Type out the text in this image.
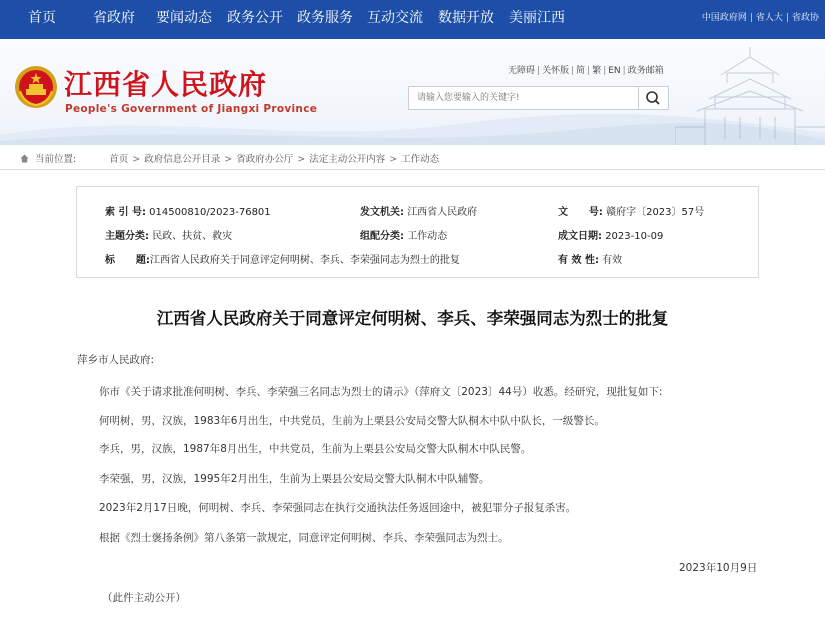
首页	省政府 要闻动态 政务公开 政务服务 互动交流 数据开放 美丽江西	中国政府网 | 省人大 | 省政协
江西省人民政府
People's Government of Jiangxi Province
无障碍 | 关怀版 | 简 | 繁 | EN | 政务邮箱
请输入您要输入的关键字!
当前位置:	首页 > 政府信息公开目录 > 省政府办公厅 > 法定主动公开内容 > 工作动态
索 引 号: 014500810/2023-76801	发文机关: 江西省人民政府	文      号: 赣府字〔2023〕57号
主题分类: 民政、扶贫、救灾	组配分类: 工作动态	成文日期: 2023-10-09
标      题:江西省人民政府关于同意评定何明树、李兵、李荣强同志为烈士的批复	有 效 性: 有效
江西省人民政府关于同意评定何明树、李兵、李荣强同志为烈士的批复
萍乡市人民政府:
你市《关于请求批准何明树、李兵、李荣强三名同志为烈士的请示》（萍府文〔2023〕44号）收悉。经研究，现批复如下:
何明树，男，汉族，1983年6月出生，中共党员，生前为上栗县公安局交警大队桐木中队中队长，一级警长。
李兵，男，汉族，1987年8月出生，中共党员，生前为上栗县公安局交警大队桐木中队民警。
李荣强，男，汉族，1995年2月出生，生前为上栗县公安局交警大队桐木中队辅警。
2023年2月17日晚，何明树、李兵、李荣强同志在执行交通执法任务返回途中，被犯罪分子报复杀害。
根据《烈士褒扬条例》第八条第一款规定，同意评定何明树、李兵、李荣强同志为烈士。
2023年10月9日
（此件主动公开）
